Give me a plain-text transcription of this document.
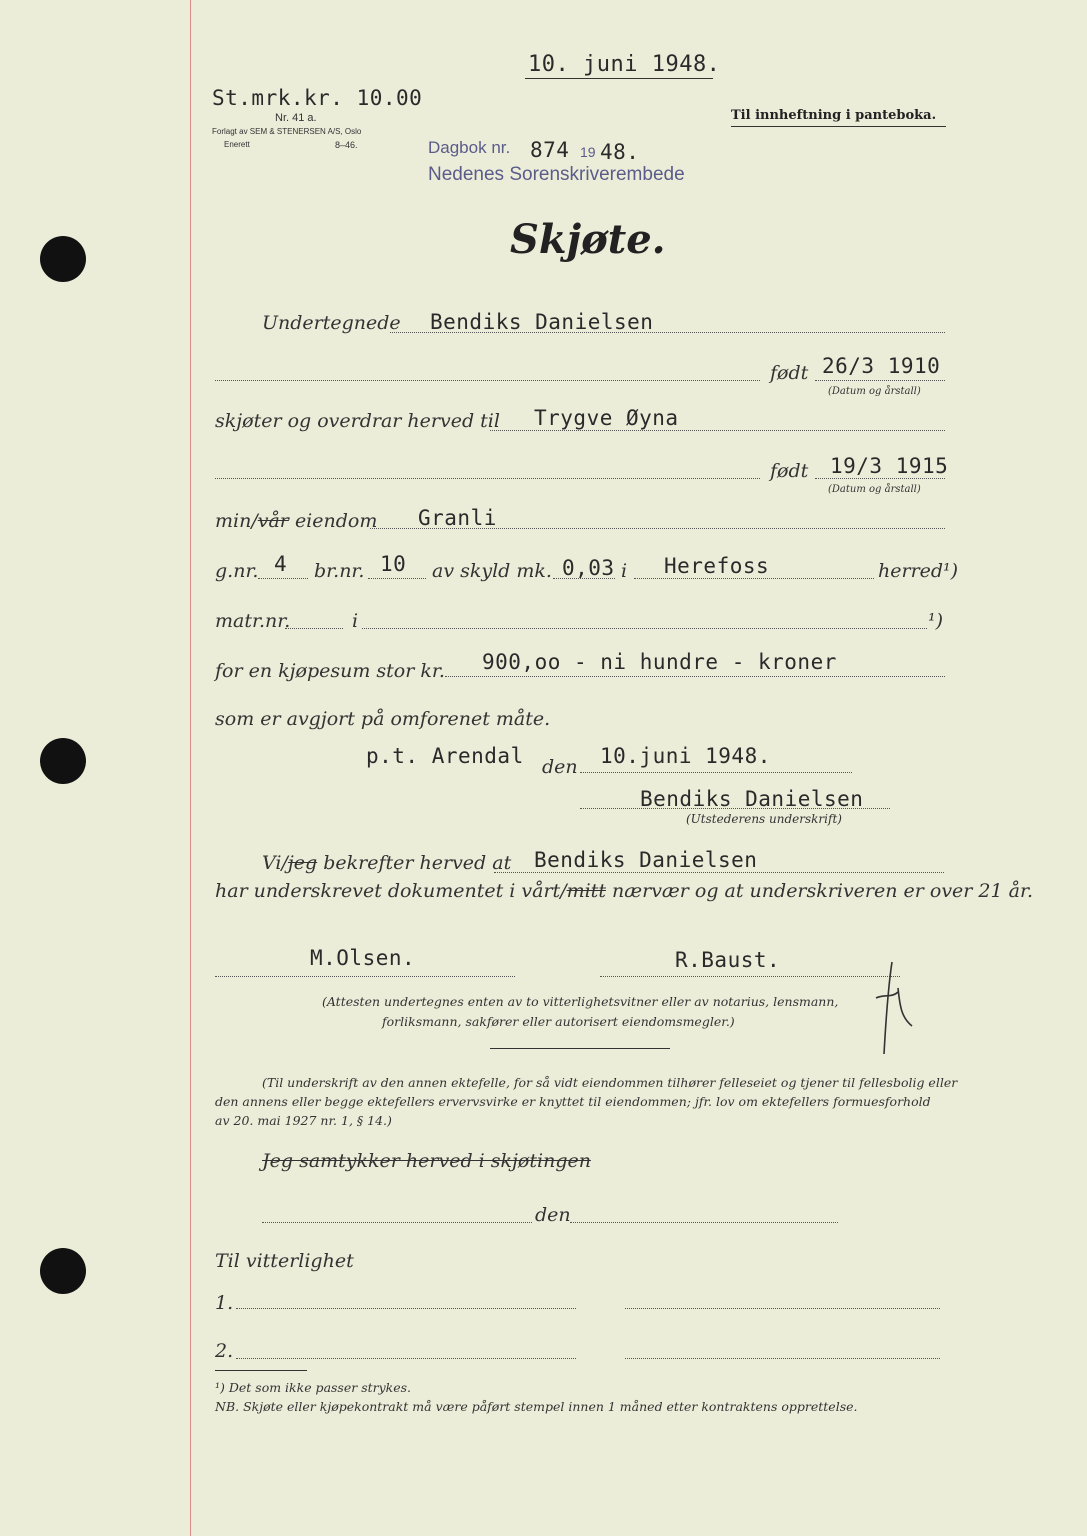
10. juni 1948.
St.mrk.kr. 10.00
Nr. 41 a.
Forlagt av SEM & STENERSEN A/S, Oslo
Enerett	8–46.
Til innheftning i panteboka.
Dagbok nr. 874 19 48.
Nedenes Sorenskriverembede
Skjøte.
Undertegnede Bendiks Danielsen
født 26/3 1910
(Datum og årstall)
skjøter og overdrar herved til Trygve Øyna
født 19/3 1915
(Datum og årstall)
min/vår eiendom Granli
g.nr. 4 br.nr. 10 av skyld mk. 0,03 i Herefoss	herred¹)
matr.nr.	i	¹)
for en kjøpesum stor kr. 900,oo - ni hundre - kroner
som er avgjort på omforenet måte.
p.t. Arendal den 10.juni 1948.
Bendiks Danielsen
(Utstederens underskrift)
Vi/jeg bekrefter herved at Bendiks Danielsen
har underskrevet dokumentet i vårt/mitt nærvær og at underskriveren er over 21 år.
M.Olsen.	R.Baust.
(Attesten undertegnes enten av to vitterlighetsvitner eller av notarius, lensmann,
forliksmann, sakfører eller autorisert eiendomsmegler.)
(Til underskrift av den annen ektefelle, for så vidt eiendommen tilhører felleseiet og tjener til fellesbolig eller
den annens eller begge ektefellers ervervsvirke er knyttet til eiendommen; jfr. lov om ektefellers formuesforhold
av 20. mai 1927 nr. 1, § 14.)
Jeg samtykker herved i skjøtingen
den
Til vitterlighet
1.
2.
¹) Det som ikke passer strykes.
NB. Skjøte eller kjøpekontrakt må være påført stempel innen 1 måned etter kontraktens opprettelse.
